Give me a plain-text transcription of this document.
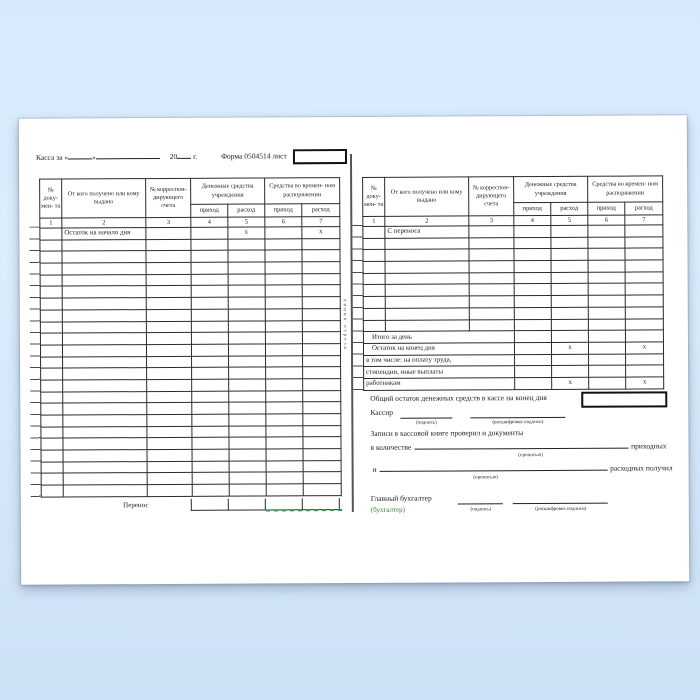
Касса за «	»	20 г.	Форма 0504514 лист
№ доку- мен- та	От кого получено или кому выдано	№ корреспон- дирующего счета	Денежные средства учреждения		Средства во времен- ном распоряжении	
			приход	расход	приход	расход
1	2	3	4	5	6	7
	Остаток на начало дня			х		х

Перенос
линия отреза
№ доку- мен- та	От кого получено или кому выдано	№ корреспон- дирующего счета	Денежные средства учреждения		Средства во времен- ном распоряжении	
			приход	расход	приход	расход
1	2	3	4	5	6	7
	С переноса					

Итого за день						
Остаток на конец дня				х		х
в том числе: на оплату труда,						
стипендии, иные выплаты						
работникам				х		х
Общий остаток денежных средств в кассе на конец дня
Кассир
(подпись)	(расшифровка подписи)
Записи в кассовой книге проверил и документы
в количестве	приходных
(прописью)
и	расходных получил
(прописью)
Главный бухгалтер
(бухгалтер)	(подпись)	(расшифровка подписи)
